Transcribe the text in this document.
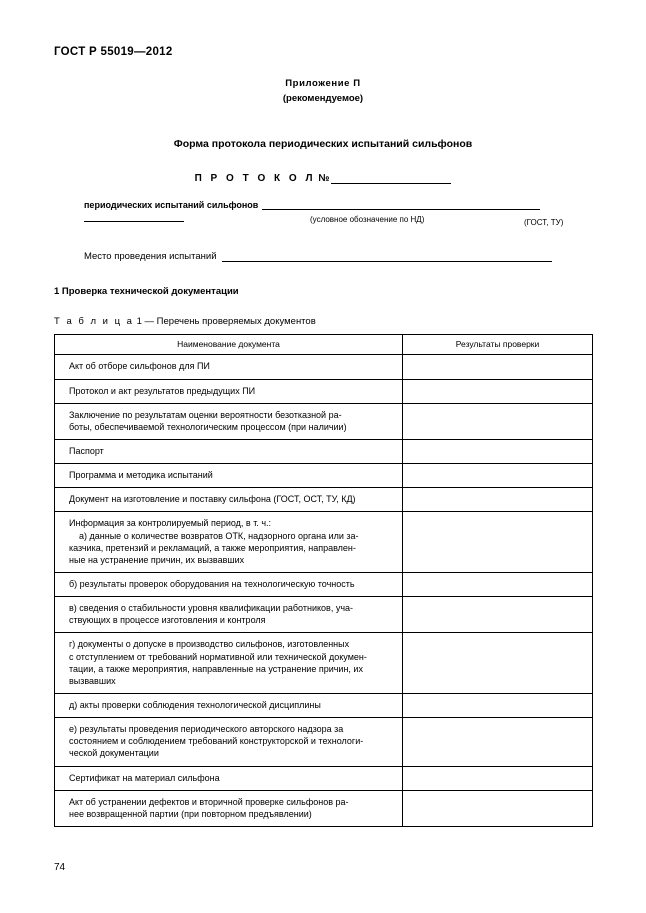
ГОСТ Р 55019—2012
Приложение П
(рекомендуемое)
Форма протокола периодических испытаний сильфонов
П Р О Т О К О Л №
периодических испытаний сильфонов
(условное обозначение по НД)	(ГОСТ, ТУ)
Место проведения испытаний
1 Проверка технической документации
Т а б л и ц а 1 — Перечень проверяемых документов
Наименование документа	Результаты проверки
Акт об отборе сильфонов для ПИ	
Протокол и акт результатов предыдущих ПИ	
Заключение по результатам оценки вероятности безотказной ра-
боты, обеспечиваемой технологическим процессом (при наличии)	
Паспорт	
Программа и методика испытаний	
Документ на изготовление и поставку сильфона (ГОСТ, ОСТ, ТУ, КД)	
Информация за контролируемый период, в т. ч.:
а) данные о количестве возвратов ОТК, надзорного органа или за-
казчика, претензий и рекламаций, а также мероприятия, направлен-
ные на устранение причин, их вызвавших	
б) результаты проверок оборудования на технологическую точность	
в) сведения о стабильности уровня квалификации работников, уча-
ствующих в процессе изготовления и контроля	
г) документы о допуске в производство сильфонов, изготовленных
с отступлением от требований нормативной или технической докумен-
тации, а также мероприятия, направленные на устранение причин, их
вызвавших	
д) акты проверки соблюдения технологической дисциплины	
е) результаты проведения периодического авторского надзора за
состоянием и соблюдением требований конструкторской и технологи-
ческой документации	
Сертификат на материал сильфона	
Акт об устранении дефектов и вторичной проверке сильфонов ра-
нее возвращенной партии (при повторном предъявлении)	
74
